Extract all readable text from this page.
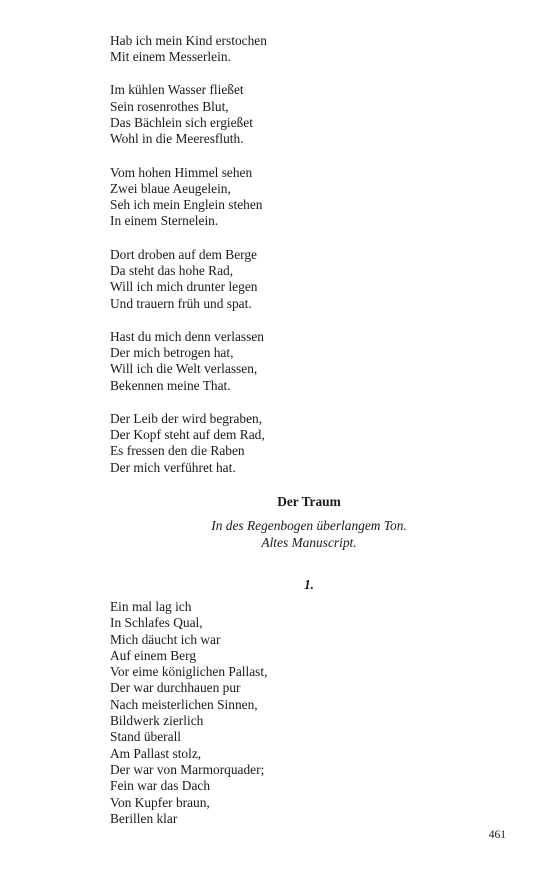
Hab ich mein Kind erstochen
Mit einem Messerlein.
Im kühlen Wasser fließet
Sein rosenrothes Blut,
Das Bächlein sich ergießet
Wohl in die Meeresfluth.
Vom hohen Himmel sehen
Zwei blaue Aeugelein,
Seh ich mein Englein stehen
In einem Sternelein.
Dort droben auf dem Berge
Da steht das hohe Rad,
Will ich mich drunter legen
Und trauern früh und spat.
Hast du mich denn verlassen
Der mich betrogen hat,
Will ich die Welt verlassen,
Bekennen meine That.
Der Leib der wird begraben,
Der Kopf steht auf dem Rad,
Es fressen den die Raben
Der mich verführet hat.
Der Traum
In des Regenbogen überlangem Ton.
Altes Manuscript.
1.
Ein mal lag ich
In Schlafes Qual,
Mich däucht ich war
Auf einem Berg
Vor eime königlichen Pallast,
Der war durchhauen pur
Nach meisterlichen Sinnen,
Bildwerk zierlich
Stand überall
Am Pallast stolz,
Der war von Marmorquader;
Fein war das Dach
Von Kupfer braun,
Berillen klar
461
